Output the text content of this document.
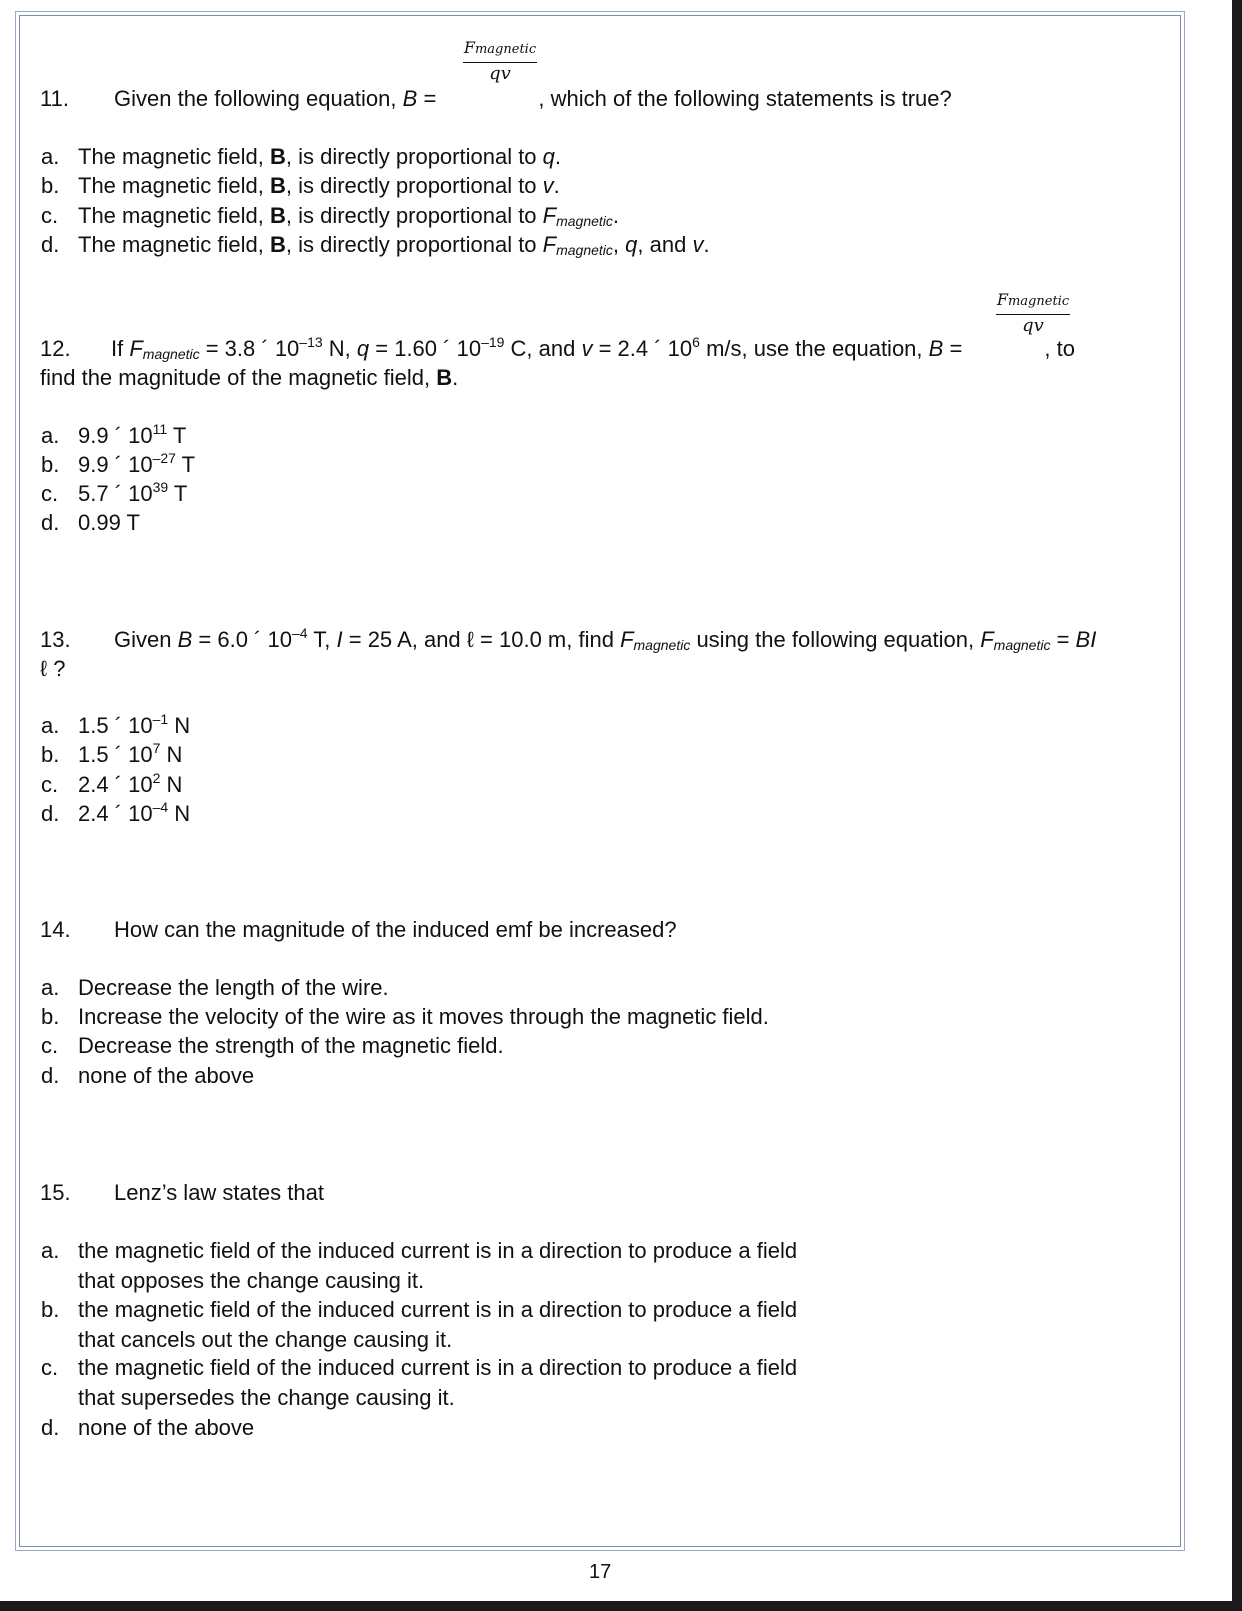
Fmagnetic
qv
11. Given the following equation, B =	, which of the following statements is true?
a. The magnetic field, B, is directly proportional to q.
b. The magnetic field, B, is directly proportional to v.
c. The magnetic field, B, is directly proportional to Fmagnetic.
d. The magnetic field, B, is directly proportional to Fmagnetic, q, and v.
Fmagnetic
qv
12. If Fmagnetic = 3.8 ´ $10^{-13}$ N, q = 1.60 ´ $10^{-19}$ C, and v = 2.4 ´ $10^6$ m/s, use the equation, B =	, to
find the magnitude of the magnetic field, B.
a. 9.9 ´ $10^{11}$ T
b. 9.9 ´ $10^{-27}$ T
c. 5.7 ´ $10^{39}$ T
d. 0.99 T
13. Given B = 6.0 ´ $10^{-4}$ T, I = 25 A, and ℓ = 10.0 m, find Fmagnetic using the following equation, Fmagnetic = BI
ℓ ?
a. 1.5 ´ $10^{-1}$ N
b. 1.5 ´ $10^7$ N
c. 2.4 ´ $10^2$ N
d. 2.4 ´ $10^{-4}$ N
14. How can the magnitude of the induced emf be increased?
a. Decrease the length of the wire.
b. Increase the velocity of the wire as it moves through the magnetic field.
c. Decrease the strength of the magnetic field.
d. none of the above
15. Lenz’s law states that
a. the magnetic field of the induced current is in a direction to produce a field
that opposes the change causing it.
b. the magnetic field of the induced current is in a direction to produce a field
that cancels out the change causing it.
c. the magnetic field of the induced current is in a direction to produce a field
that supersedes the change causing it.
d. none of the above
17
